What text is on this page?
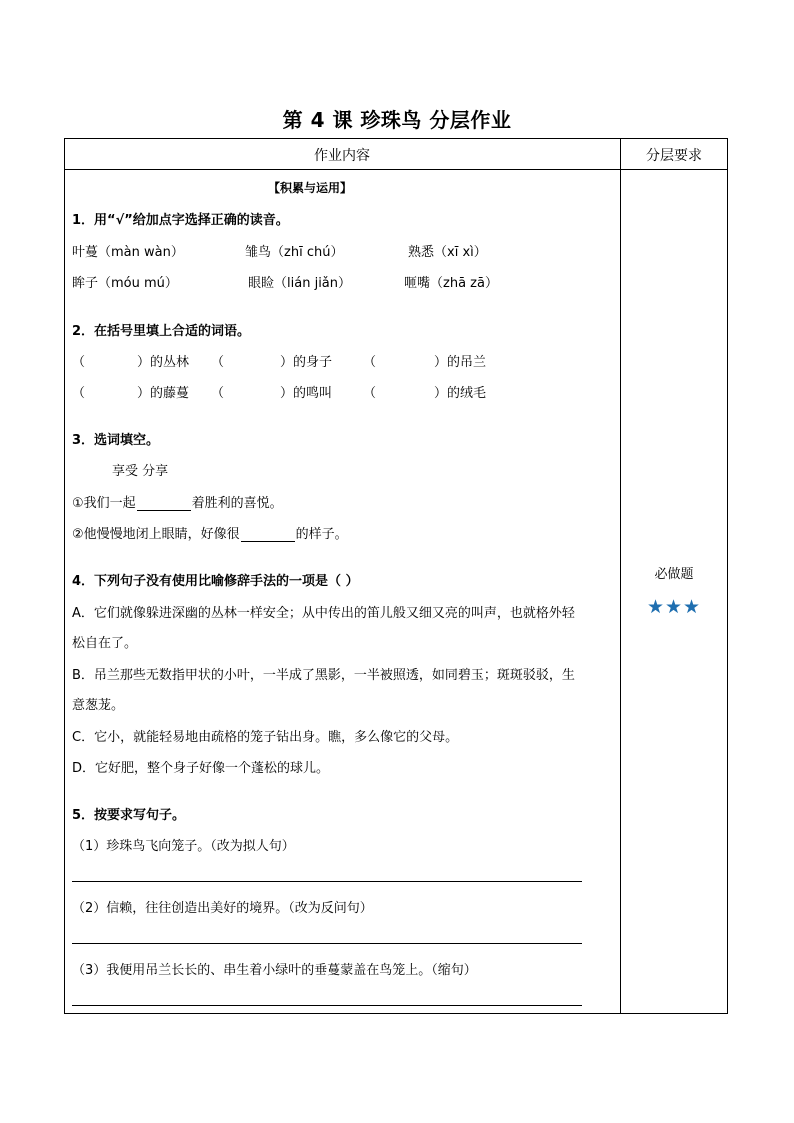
第 4 课 珍珠鸟 分层作业
作业内容	分层要求
【积累与运用】
1．用“√”给加点字选择正确的读音。
叶蔓（màn wàn）	雏鸟（zhī chú）	熟悉（xī xì）
眸子（móu mú）	眼睑（lián jiǎn）	咂嘴（zhā zā）
2．在括号里填上合适的词语。
（	）的丛林 （	）的身子 （	）的吊兰
（	）的藤蔓 （	）的鸣叫 （	）的绒毛
3．选词填空。
享受 分享
①我们一起	着胜利的喜悦。
②他慢慢地闭上眼睛，好像很	的样子。
4．下列句子没有使用比喻修辞手法的一项是（ ）
A．它们就像躲进深幽的丛林一样安全；从中传出的笛儿般又细又亮的叫声，也就格外轻
松自在了。
B．吊兰那些无数指甲状的小叶，一半成了黑影，一半被照透，如同碧玉；斑斑驳驳，生
意葱茏。
C．它小，就能轻易地由疏格的笼子钻出身。瞧，多么像它的父母。
D．它好肥，整个身子好像一个蓬松的球儿。
5．按要求写句子。
（1）珍珠鸟飞向笼子。（改为拟人句）
（2）信赖，往往创造出美好的境界。（改为反问句）
（3）我便用吊兰长长的、串生着小绿叶的垂蔓蒙盖在鸟笼上。（缩句）
必做题
★★★
